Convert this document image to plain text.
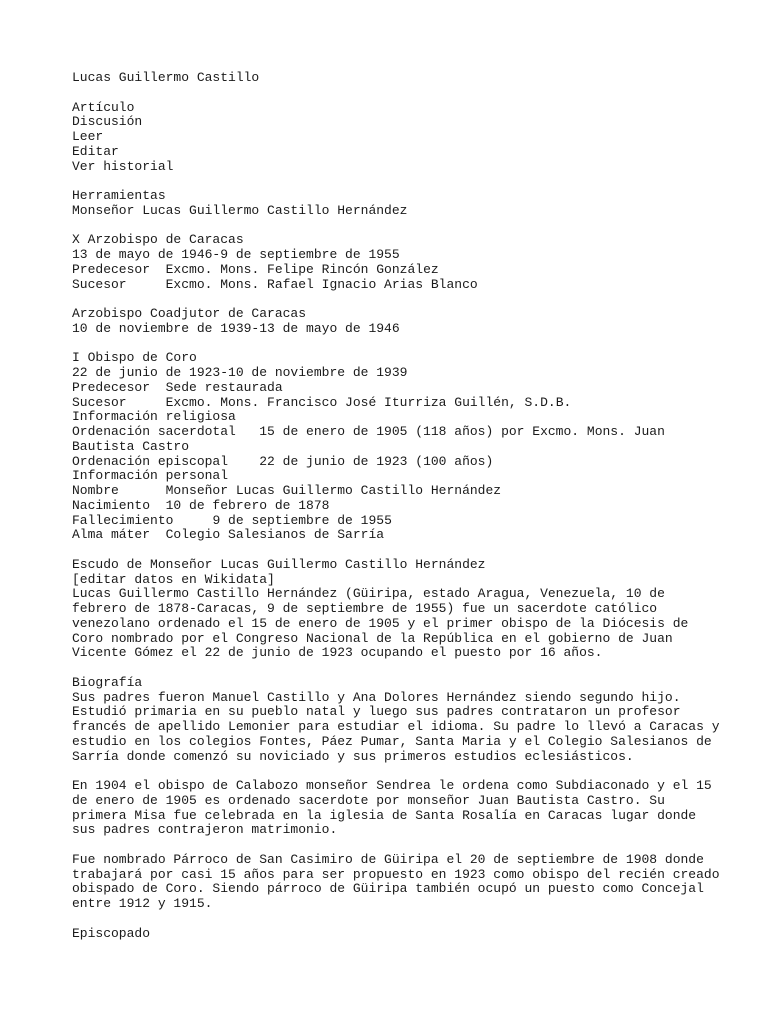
Lucas Guillermo Castillo
Artículo
Discusión
Leer
Editar
Ver historial
Herramientas
Monseñor Lucas Guillermo Castillo Hernández
X Arzobispo de Caracas
13 de mayo de 1946-9 de septiembre de 1955
Predecesor Excmo. Mons. Felipe Rincón González
Sucesor	Excmo. Mons. Rafael Ignacio Arias Blanco
Arzobispo Coadjutor de Caracas
10 de noviembre de 1939-13 de mayo de 1946
I Obispo de Coro
22 de junio de 1923-10 de noviembre de 1939
Predecesor Sede restaurada
Sucesor	Excmo. Mons. Francisco José Iturriza Guillén, S.D.B.
Información religiosa
Ordenación sacerdotal 15 de enero de 1905 (118 años) por Excmo. Mons. Juan
Bautista Castro
Ordenación episcopal 22 de junio de 1923 (100 años)
Información personal
Nombre	Monseñor Lucas Guillermo Castillo Hernández
Nacimiento 10 de febrero de 1878
Fallecimiento	9 de septiembre de 1955
Alma máter Colegio Salesianos de Sarría
Escudo de Monseñor Lucas Guillermo Castillo Hernández
[editar datos en Wikidata]
Lucas Guillermo Castillo Hernández (Güiripa, estado Aragua, Venezuela, 10 de
febrero de 1878-Caracas, 9 de septiembre de 1955) fue un sacerdote católico
venezolano ordenado el 15 de enero de 1905 y el primer obispo de la Diócesis de
Coro nombrado por el Congreso Nacional de la República en el gobierno de Juan
Vicente Gómez el 22 de junio de 1923 ocupando el puesto por 16 años.
Biografía
Sus padres fueron Manuel Castillo y Ana Dolores Hernández siendo segundo hijo.
Estudió primaria en su pueblo natal y luego sus padres contrataron un profesor
francés de apellido Lemonier para estudiar el idioma. Su padre lo llevó a Caracas y
estudio en los colegios Fontes, Páez Pumar, Santa Maria y el Colegio Salesianos de
Sarría donde comenzó su noviciado y sus primeros estudios eclesiásticos.
En 1904 el obispo de Calabozo monseñor Sendrea le ordena como Subdiaconado y el 15
de enero de 1905 es ordenado sacerdote por monseñor Juan Bautista Castro. Su
primera Misa fue celebrada en la iglesia de Santa Rosalía en Caracas lugar donde
sus padres contrajeron matrimonio.
Fue nombrado Párroco de San Casimiro de Güiripa el 20 de septiembre de 1908 donde
trabajará por casi 15 años para ser propuesto en 1923 como obispo del recién creado
obispado de Coro. Siendo párroco de Güiripa también ocupó un puesto como Concejal
entre 1912 y 1915.
Episcopado
